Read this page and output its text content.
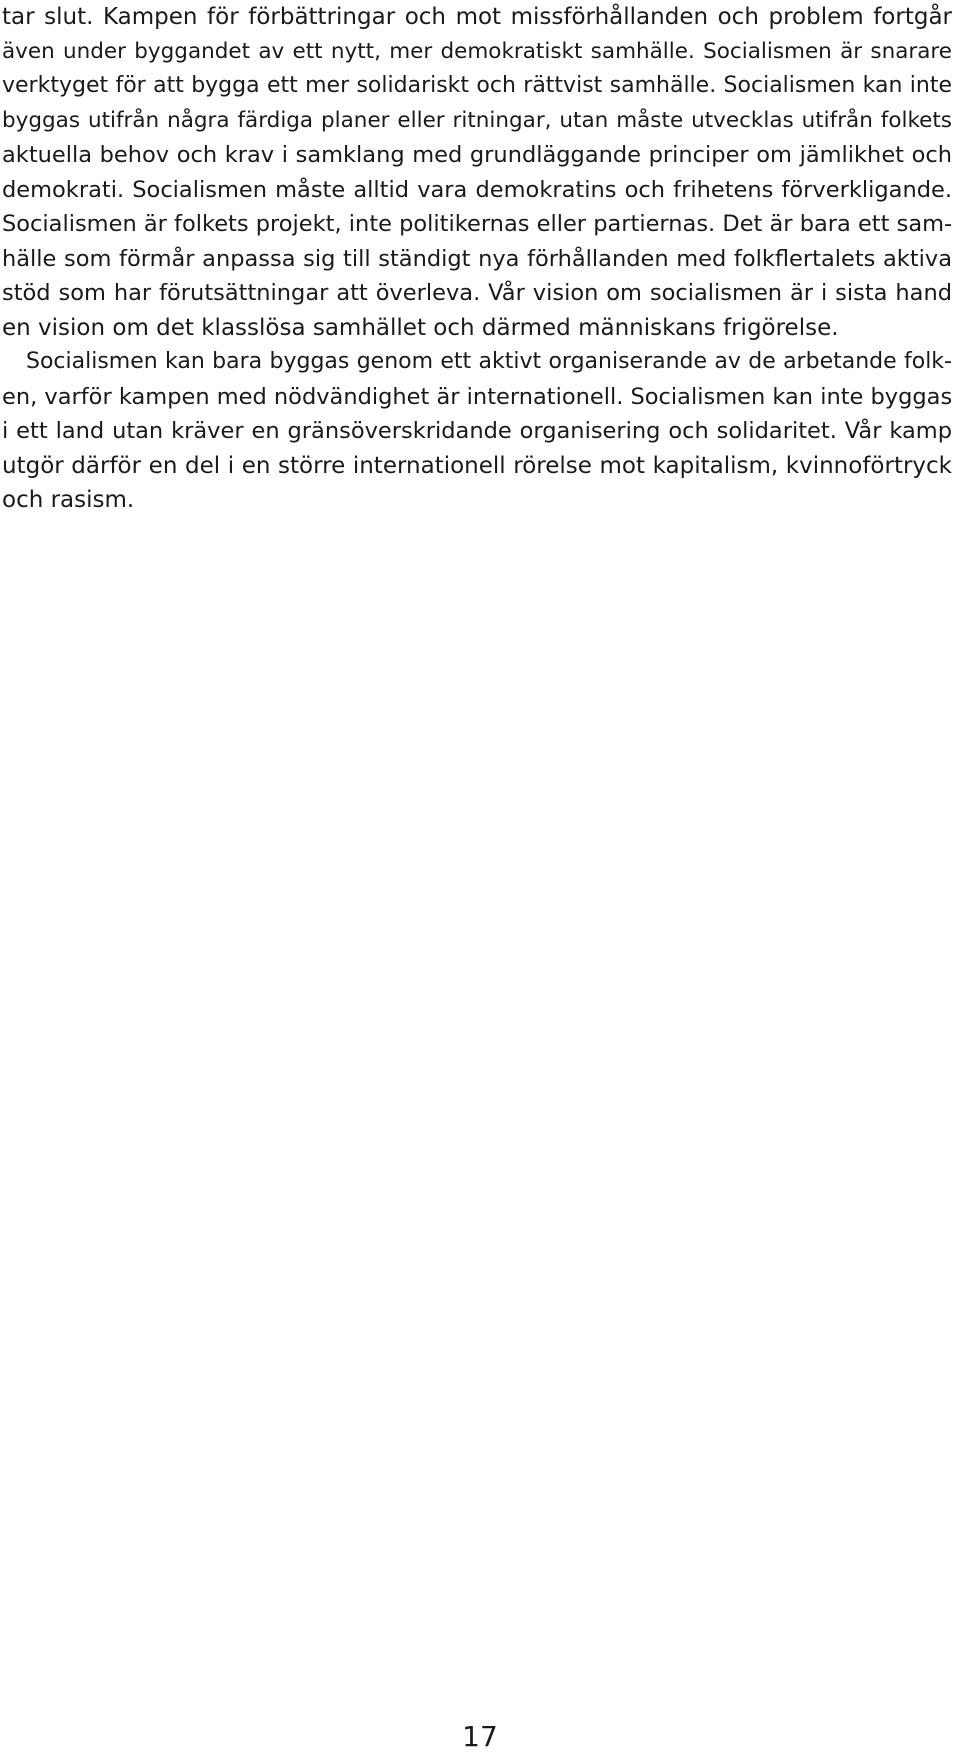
tar slut. Kampen för förbättringar och mot missförhållanden och problem fortgår
även under byggandet av ett nytt, mer demokratiskt samhälle. Socialismen är snarare
verktyget för att bygga ett mer solidariskt och rättvist samhälle. Socialismen kan inte
byggas utifrån några färdiga planer eller ritningar, utan måste utvecklas utifrån folkets
aktuella behov och krav i samklang med grundläggande principer om jämlikhet och
demokrati. Socialismen måste alltid vara demokratins och frihetens förverkligande.
Socialismen är folkets projekt, inte politikernas eller partiernas. Det är bara ett sam-
hälle som förmår anpassa sig till ständigt nya förhållanden med folkflertalets aktiva
stöd som har förutsättningar att överleva. Vår vision om socialismen är i sista hand
en vision om det klasslösa samhället och därmed människans frigörelse.
Socialismen kan bara byggas genom ett aktivt organiserande av de arbetande folk-
en, varför kampen med nödvändighet är internationell. Socialismen kan inte byggas
i ett land utan kräver en gränsöverskridande organisering och solidaritet. Vår kamp
utgör därför en del i en större internationell rörelse mot kapitalism, kvinnoförtryck
och rasism.
17
